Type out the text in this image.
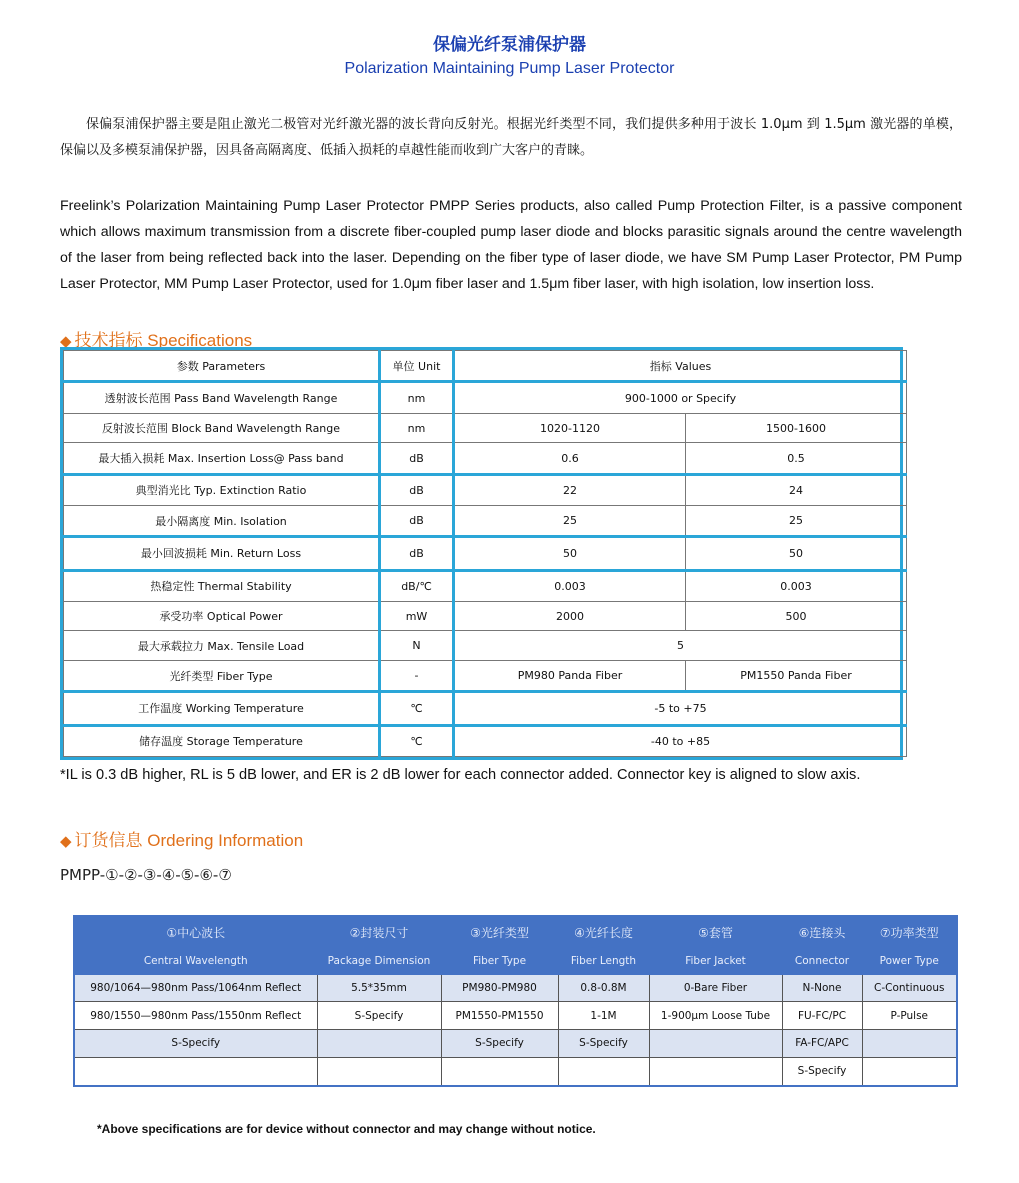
保偏光纤泵浦保护器
Polarization Maintaining Pump Laser Protector

保偏泵浦保护器主要是阻止激光二极管对光纤激光器的波长背向反射光。根据光纤类型不同，我们提供多种用于波长 1.0μm 到 1.5μm 激光器的单模，保偏以及多模泵浦保护器，因具备高隔离度、低插入损耗的卓越性能而收到广大客户的青睐。

Freelink’s Polarization Maintaining Pump Laser Protector PMPP Series products, also called Pump Protection Filter, is a passive component which allows maximum transmission from a discrete fiber-coupled pump laser diode and blocks parasitic signals around the centre wavelength of the laser from being reflected back into the laser. Depending on the fiber type of laser diode, we have SM Pump Laser Protector, PM Pump Laser Protector, MM Pump Laser Protector, used for 1.0μm fiber laser and 1.5μm fiber laser, with high isolation, low insertion loss.

◆ 技术指标 Specifications
参数 Parameters	单位 Unit	指标 Values	
透射波长范围 Pass Band Wavelength Range	nm	900-1000 or Specify	
反射波长范围 Block Band Wavelength Range	nm	1020-1120	1500-1600
最大插入损耗 Max. Insertion Loss@ Pass band	dB	0.6	0.5
典型消光比 Typ. Extinction Ratio	dB	22	24
最小隔离度 Min. Isolation	dB	25	25
最小回波损耗 Min. Return Loss	dB	50	50
热稳定性 Thermal Stability	dB/℃	0.003	0.003
承受功率 Optical Power	mW	2000	500
最大承载拉力 Max. Tensile Load	N	5	
光纤类型 Fiber Type	-	PM980 Panda Fiber	PM1550 Panda Fiber
工作温度 Working Temperature	℃	-5 to +75	
储存温度 Storage Temperature	℃	-40 to +85	

*IL is 0.3 dB higher, RL is 5 dB lower, and ER is 2 dB lower for each connector added. Connector key is aligned to slow axis.

◆ 订货信息 Ordering Information
PMPP-①-②-③-④-⑤-⑥-⑦
①中心波长	②封装尺寸	③光纤类型	④光纤长度	⑤套管	⑥连接头	⑦功率类型
Central Wavelength	Package Dimension	Fiber Type	Fiber Length	Fiber Jacket	Connector	Power Type
980/1064—980nm Pass/1064nm Reflect	5.5*35mm	PM980-PM980	0.8-0.8M	0-Bare Fiber	N-None	C-Continuous
980/1550—980nm Pass/1550nm Reflect	S-Specify	PM1550-PM1550	1-1M	1-900μm Loose Tube	FU-FC/PC	P-Pulse
S-Specify		S-Specify	S-Specify		FA-FC/APC	
					S-Specify	
*Above specifications are for device without connector and may change without notice.
